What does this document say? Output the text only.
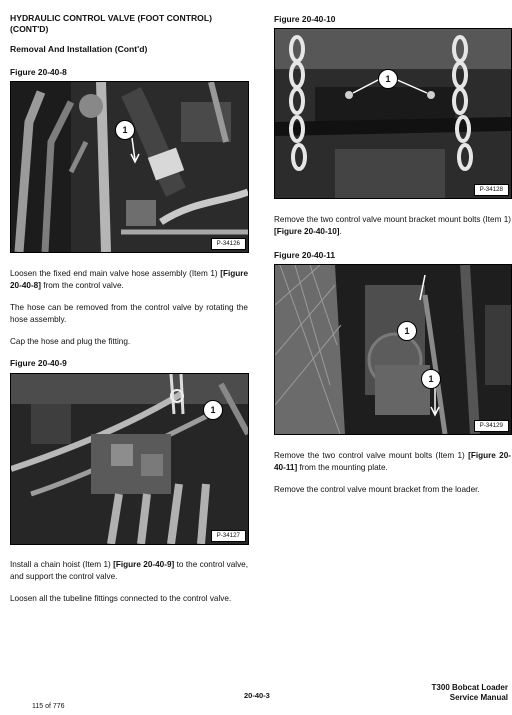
HYDRAULIC CONTROL VALVE (FOOT CONTROL)
(CONT'D)
Removal And Installation (Cont'd)
Figure 20-40-8
1
P-34126
Loosen the fixed end main valve hose assembly (Item 1) [Figure 20-40-8] from the control valve.
The hose can be removed from the control valve by rotating the hose assembly.
Cap the hose and plug the fitting.
Figure 20-40-9
1
P-34127
Install a chain hoist (Item 1) [Figure 20-40-9] to the control valve, and support the control valve.
Loosen all the tubeline fittings connected to the control valve.
Figure 20-40-10
1
P-34128
Remove the two control valve mount bracket mount bolts (Item 1) [Figure 20-40-10].
Figure 20-40-11
1
1
P-34129
Remove the two control valve mount bolts (Item 1) [Figure 20-40-11] from the mounting plate.
Remove the control valve mount bracket from the loader.
115 of 776
20-40-3
T300 Bobcat Loader
Service Manual
